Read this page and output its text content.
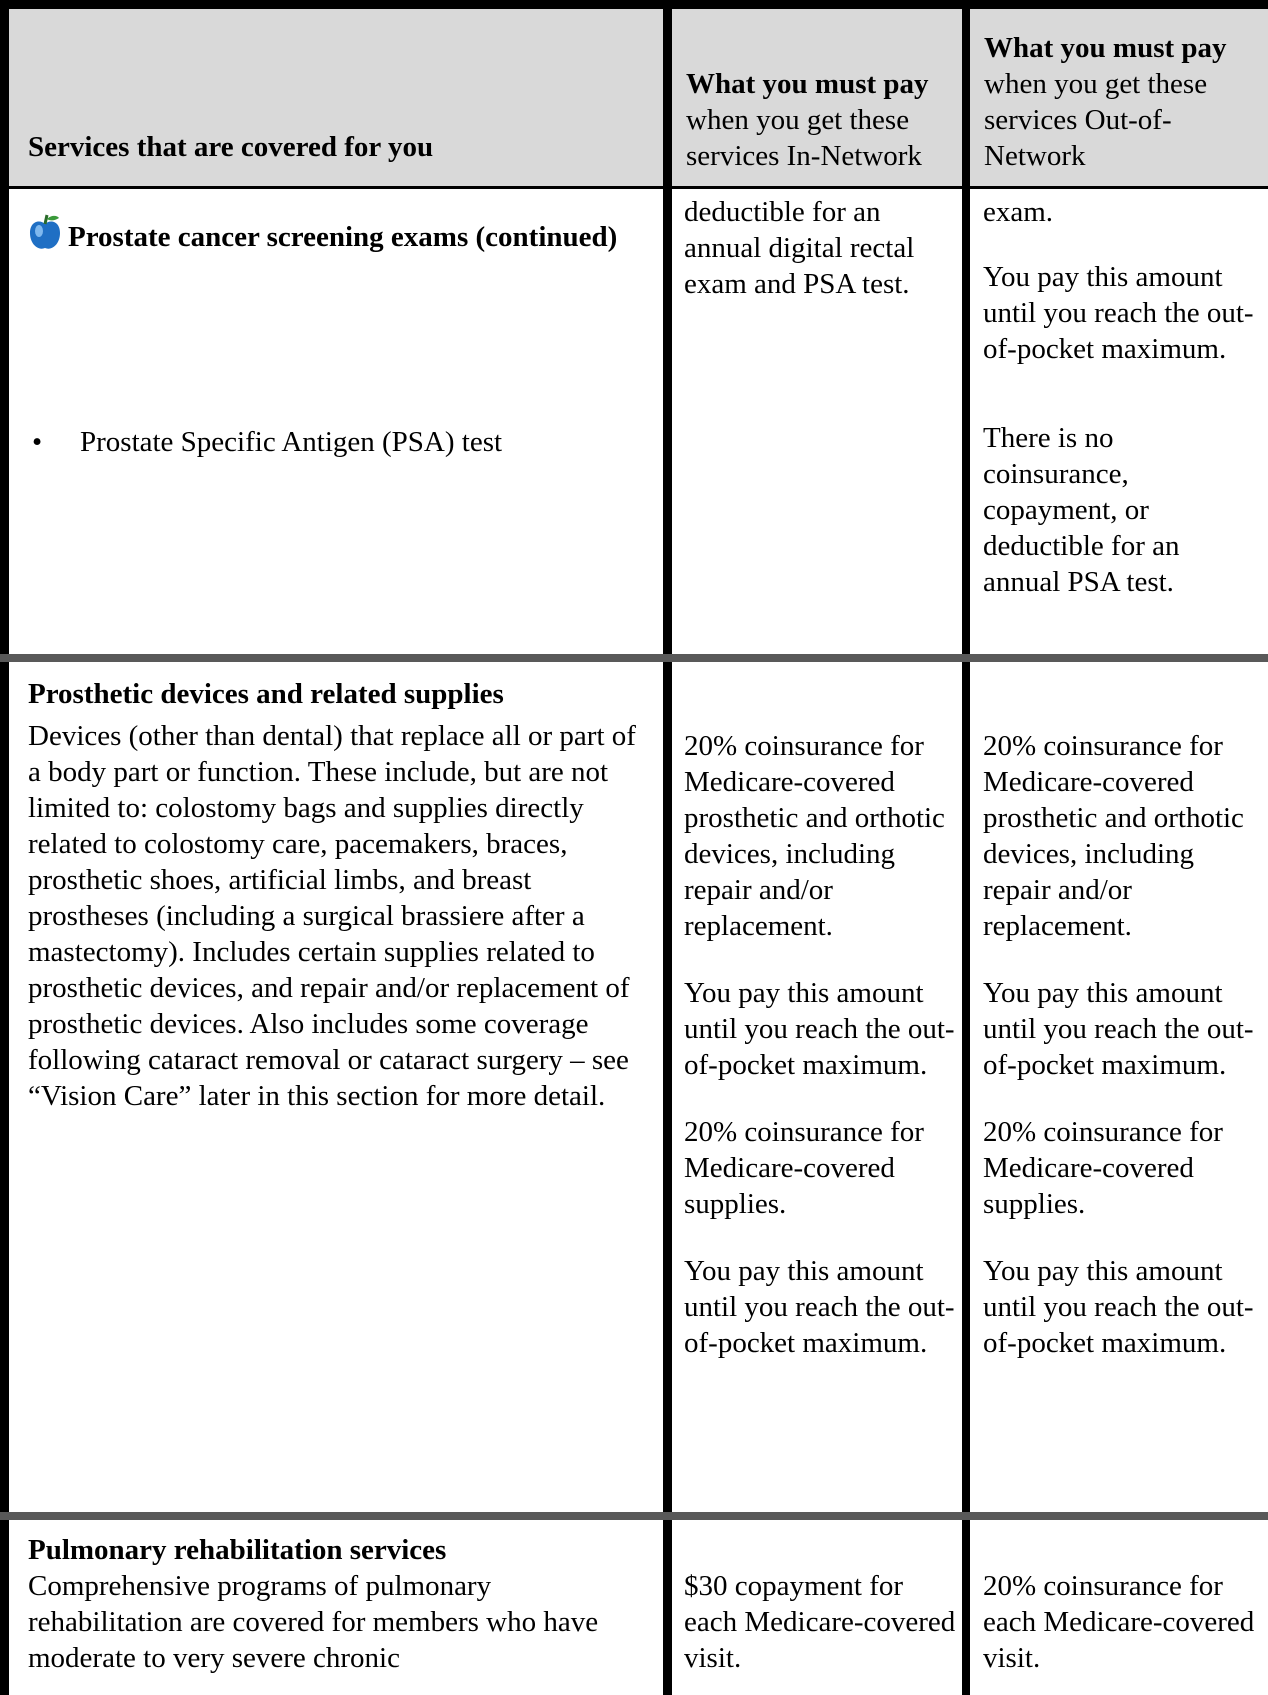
Services that are covered for you
What you must pay
when you get these services In-Network
What you must pay
when you get these services Out-of-Network

Prostate cancer screening exams (continued)

•	Prostate Specific Antigen (PSA) test

deductible for an annual digital rectal exam and PSA test.

exam.

You pay this amount until you reach the out-of-pocket maximum.

There is no coinsurance, copayment, or deductible for an annual PSA test.

Prosthetic devices and related supplies

Devices (other than dental) that replace all or part of a body part or function. These include, but are not limited to: colostomy bags and supplies directly related to colostomy care, pacemakers, braces, prosthetic shoes, artificial limbs, and breast prostheses (including a surgical brassiere after a mastectomy). Includes certain supplies related to prosthetic devices, and repair and/or replacement of prosthetic devices. Also includes some coverage following cataract removal or cataract surgery – see “Vision Care” later in this section for more detail.

20% coinsurance for Medicare-covered prosthetic and orthotic devices, including repair and/or replacement.

You pay this amount until you reach the out-of-pocket maximum.

20% coinsurance for Medicare-covered supplies.

You pay this amount until you reach the out-of-pocket maximum.

20% coinsurance for Medicare-covered prosthetic and orthotic devices, including repair and/or replacement.

You pay this amount until you reach the out-of-pocket maximum.

20% coinsurance for Medicare-covered supplies.

You pay this amount until you reach the out-of-pocket maximum.

Pulmonary rehabilitation services

Comprehensive programs of pulmonary rehabilitation are covered for members who have moderate to very severe chronic

$30 copayment for each Medicare-covered visit.

20% coinsurance for each Medicare-covered visit.
